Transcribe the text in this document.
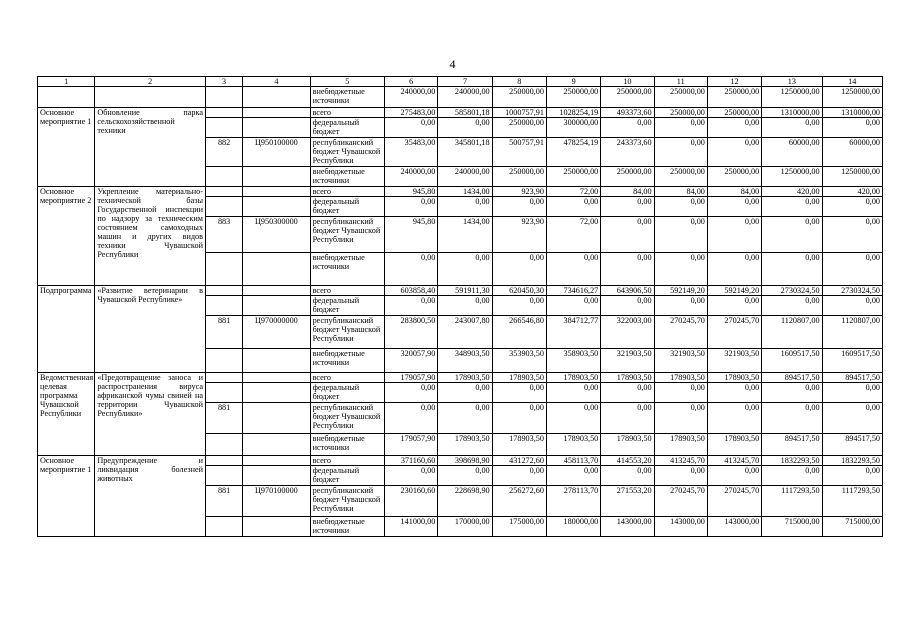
4
1	2	3	4	5	6	7	8	9	10	11	12	13	14
				внебюджетные источники	240000,00	240000,00	250000,00	250000,00	250000,00	250000,00	250000,00	1250000,00	1250000,00
Основное мероприятие 1	Обновление парка сельскохозяйственной техники			всего	275483,00	585801,18	1000757,91	1028254,19	493373,60	250000,00	250000,00	1310000,00	1310000,00
				федеральный бюджет	0,00	0,00	250000,00	300000,00	0,00	0,00	0,00	0,00	0,00
		882	Ц950100000	республиканский бюджет Чувашской Республики	35483,00	345801,18	500757,91	478254,19	243373,60	0,00	0,00	60000,00	60000,00
				внебюджетные источники	240000,00	240000,00	250000,00	250000,00	250000,00	250000,00	250000,00	1250000,00	1250000,00
Основное мероприятие 2	Укрепление материально-технической базы Государственной инспекции по надзору за техническим состоянием самоходных машин и других видов техники Чувашской Республики			всего	945,80	1434,00	923,90	72,00	84,00	84,00	84,00	420,00	420,00
				федеральный бюджет	0,00	0,00	0,00	0,00	0,00	0,00	0,00	0,00	0,00
		883	Ц950300000	республиканский бюджет Чувашской Республики	945,80	1434,00	923,90	72,00	0,00	0,00	0,00	0,00	0,00
				внебюджетные источники	0,00	0,00	0,00	0,00	0,00	0,00	0,00	0,00	0,00
Подпрограмма	«Развитие ветеринарии в Чувашской Республике»			всего	603858,40	591911,30	620450,30	734616,27	643906,50	592149,20	592149,20	2730324,50	2730324,50
				федеральный бюджет	0,00	0,00	0,00	0,00	0,00	0,00	0,00	0,00	0,00
		881	Ц970000000	республиканский бюджет Чувашской Республики	283800,50	243007,80	266546,80	384712,77	322003,00	270245,70	270245,70	1120807,00	1120807,00
				внебюджетные источники	320057,90	348903,50	353903,50	358903,50	321903,50	321903,50	321903,50	1609517,50	1609517,50
Ведомственная целевая программа Чувашской Республики	«Предотвращение заноса и распространения вируса африканской чумы свиней на территории Чувашской Республики»			всего	179057,90	178903,50	178903,50	178903,50	178903,50	178903,50	178903,50	894517,50	894517,50
				федеральный бюджет	0,00	0,00	0,00	0,00	0,00	0,00	0,00	0,00	0,00
		881		республиканский бюджет Чувашской Республики	0,00	0,00	0,00	0,00	0,00	0,00	0,00	0,00	0,00
				внебюджетные источники	179057,90	178903,50	178903,50	178903,50	178903,50	178903,50	178903,50	894517,50	894517,50
Основное мероприятие 1	Предупреждение и ликвидация болезней животных			всего	371160,60	398698,90	431272,60	458113,70	414553,20	413245,70	413245,70	1832293,50	1832293,50
				федеральный бюджет	0,00	0,00	0,00	0,00	0,00	0,00	0,00	0,00	0,00
		881	Ц970100000	республиканский бюджет Чувашской Республики	230160,60	228698,90	256272,60	278113,70	271553,20	270245,70	270245,70	1117293,50	1117293,50
				внебюджетные источники	141000,00	170000,00	175000,00	180000,00	143000,00	143000,00	143000,00	715000,00	715000,00
